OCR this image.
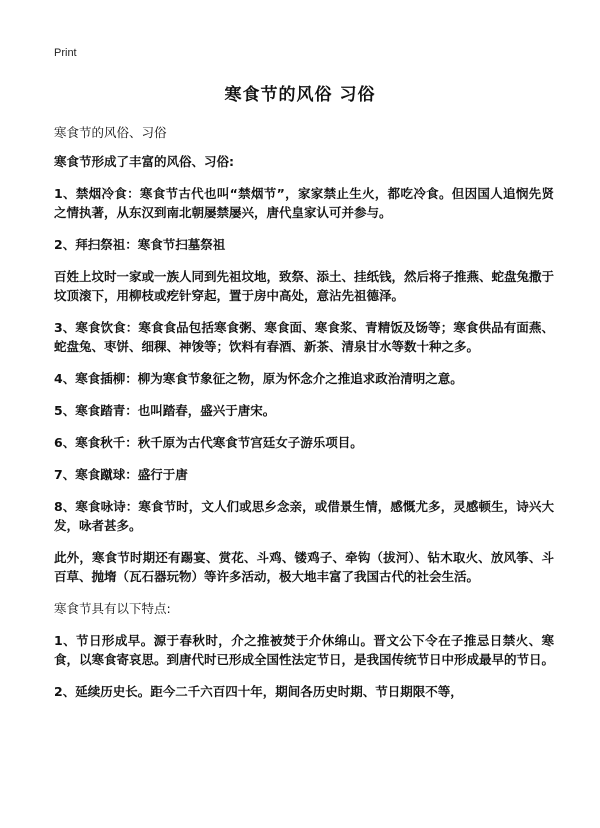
Print
寒食节的风俗 习俗
寒食节的风俗、习俗

寒食节形成了丰富的风俗、习俗:

1、禁烟冷食：寒食节古代也叫“禁烟节”，家家禁止生火，都吃冷食。但因国人追悯先贤之情执著，从东汉到南北朝屡禁屡兴，唐代皇家认可并参与。

2、拜扫祭祖：寒食节扫墓祭祖

百姓上坟时一家或一族人同到先祖坟地，致祭、添土、挂纸钱，然后将子推燕、蛇盘兔撒于坟顶滚下，用柳枝或疙针穿起，置于房中高处，意沾先祖德泽。

3、寒食饮食：寒食食品包括寒食粥、寒食面、寒食浆、青精饭及饧等；寒食供品有面燕、蛇盘兔、枣饼、细稞、神馂等；饮料有春酒、新茶、清泉甘水等数十种之多。

4、寒食插柳：柳为寒食节象征之物，原为怀念介之推追求政治清明之意。

5、寒食踏青：也叫踏春，盛兴于唐宋。

6、寒食秋千：秋千原为古代寒食节宫廷女子游乐项目。

7、寒食蹴球：盛行于唐

8、寒食咏诗：寒食节时，文人们或思乡念亲，或借景生情，感慨尤多，灵感顿生，诗兴大发，咏者甚多。

此外，寒食节时期还有踢宴、赏花、斗鸡、镂鸡子、牵钩（拔河）、钻木取火、放风筝、斗百草、抛堶（瓦石器玩物）等许多活动，极大地丰富了我国古代的社会生活。

寒食节具有以下特点:

1、节日形成早。源于春秋时，介之推被焚于介休绵山。晋文公下令在子推忌日禁火、寒食，以寒食寄哀思。到唐代时已形成全国性法定节日，是我国传统节日中形成最早的节日。

2、延续历史长。距今二千六百四十年，期间各历史时期、节日期限不等，
